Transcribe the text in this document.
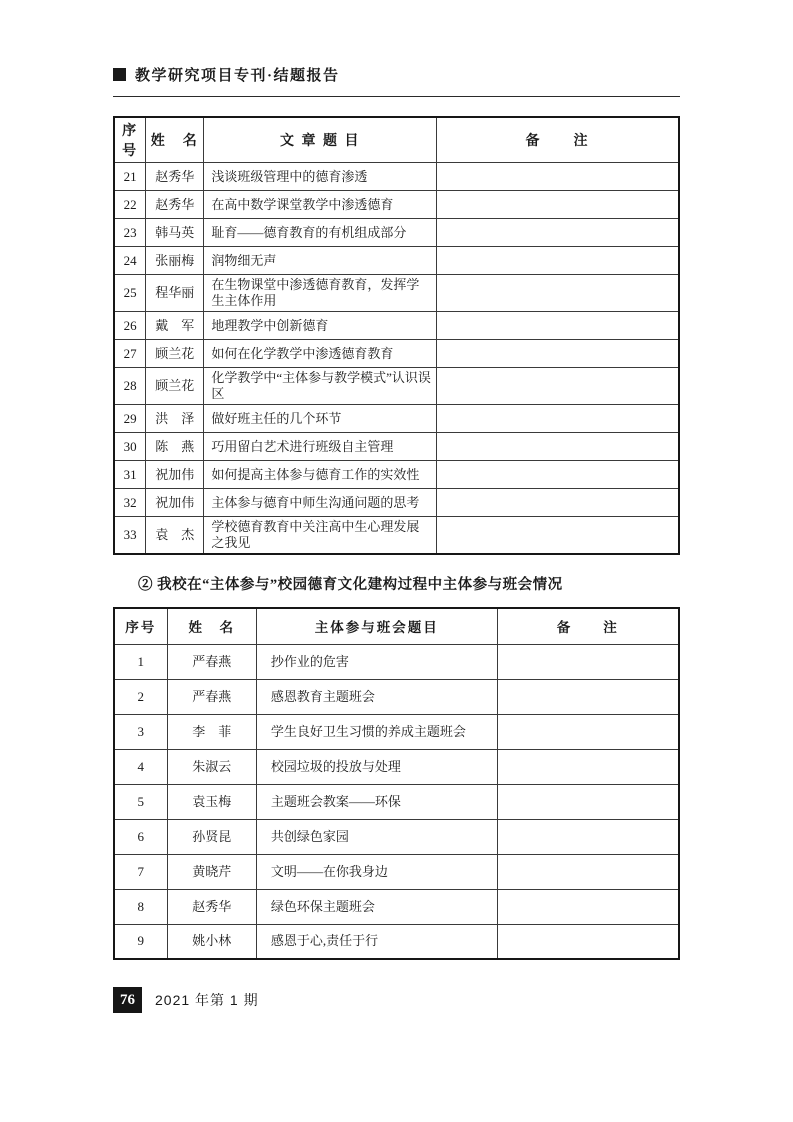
教学研究项目专刊·结题报告
序号	姓　名	文 章 题 目	备　　注
21	赵秀华	浅谈班级管理中的德育渗透	
22	赵秀华	在高中数学课堂教学中渗透德育	
23	韩马英	耻育——德育教育的有机组成部分	
24	张丽梅	润物细无声	
25	程华丽	在生物课堂中渗透德育教育，发挥学生主体作用	
26	戴　军	地理教学中创新德育	
27	顾兰花	如何在化学教学中渗透德育教育	
28	顾兰花	化学教学中“主体参与教学模式”认识误区	
29	洪　泽	做好班主任的几个环节	
30	陈　燕	巧用留白艺术进行班级自主管理	
31	祝加伟	如何提高主体参与德育工作的实效性	
32	祝加伟	主体参与德育中师生沟通问题的思考	
33	袁　杰	学校德育教育中关注高中生心理发展之我见	
② 我校在“主体参与”校园德育文化建构过程中主体参与班会情况
序号	姓　名	主体参与班会题目	备　　注
1	严春燕	抄作业的危害	
2	严春燕	感恩教育主题班会	
3	李　菲	学生良好卫生习惯的养成主题班会	
4	朱淑云	校园垃圾的投放与处理	
5	袁玉梅	主题班会教案——环保	
6	孙贤昆	共创绿色家园	
7	黄晓芹	文明——在你我身边	
8	赵秀华	绿色环保主题班会	
9	姚小林	感恩于心,责任于行	
76	2021 年第 1 期
